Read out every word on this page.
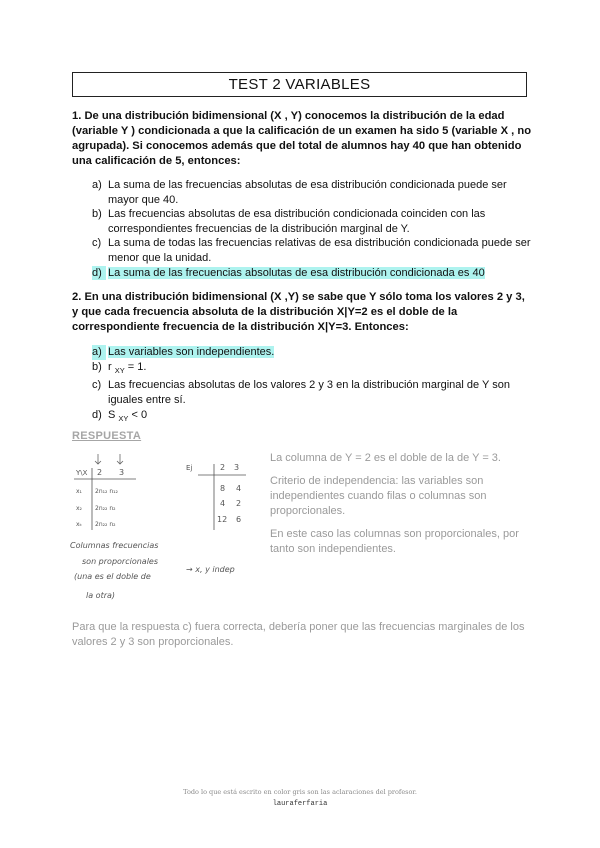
TEST 2 VARIABLES
1. De una distribución bidimensional (X , Y) conocemos la distribución de la edad (variable Y ) condicionada a que la calificación de un examen ha sido 5 (variable X , no agrupada). Si conocemos además que del total de alumnos hay 40 que han obtenido una calificación de 5, entonces:
a) La suma de las frecuencias absolutas de esa distribución condicionada puede ser mayor que 40.
b) Las frecuencias absolutas de esa distribución condicionada coinciden con las correspondientes frecuencias de la distribución marginal de Y.
c) La suma de todas las frecuencias relativas de esa distribución condicionada puede ser menor que la unidad.
d) La suma de las frecuencias absolutas de esa distribución condicionada es 40
2. En una distribución bidimensional (X ,Y) se sabe que Y sólo toma los valores 2 y 3, y que cada frecuencia absoluta de la distribución X|Y=2 es el doble de la correspondiente frecuencia de la distribución X|Y=3. Entonces:
a) Las variables son independientes.
b) r $_{XY}$ = 1.
c) Las frecuencias absolutas de los valores 2 y 3 en la distribución marginal de Y son iguales entre sí.
d) S $_{XY}$ < 0
RESPUESTA
Y\X 2 3
x₁
x₂
xₖ
2n₁₂ n₁₂
2n₂₂ n₂
2n₂₂ n₂
Ej	2 3
8 4
4 2
12 6
Columnas frecuencias
son proporcionales
(una es el doble de
la otra)
→ x, y indep

La columna de Y = 2 es el doble de la de Y = 3.

Criterio de independencia: las variables son independientes cuando filas o columnas son proporcionales.

En este caso las columnas son proporcionales, por tanto son independientes.

Para que la respuesta c) fuera correcta, debería poner que las frecuencias marginales de los valores 2 y 3 son proporcionales.
Todo lo que está escrito en color gris son las aclaraciones del profesor.
lauraferfaria
